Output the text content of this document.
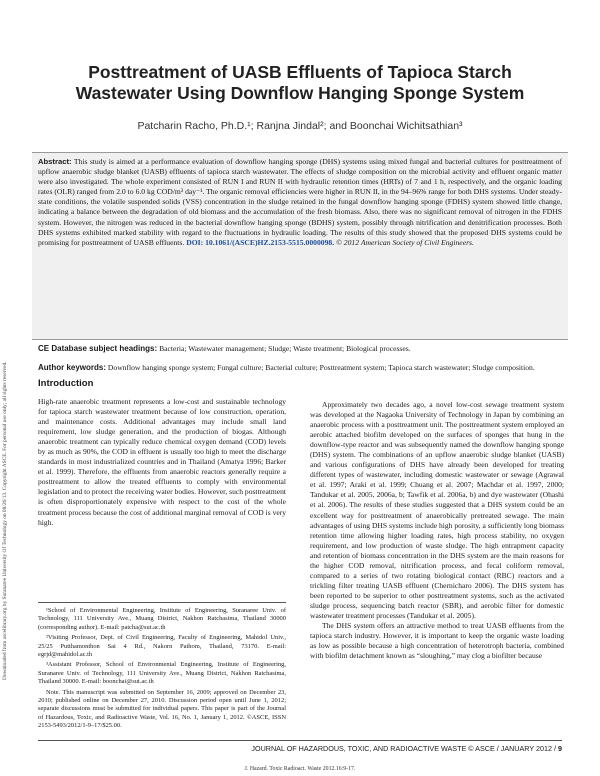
Downloaded from ascelibrary.org by Suranaree University Of Technology on 08/26/13. Copyright ASCE. For personal use only; all rights reserved.
Posttreatment of UASB Effluents of Tapioca Starch Wastewater Using Downflow Hanging Sponge System
Patcharin Racho, Ph.D.¹; Ranjna Jindal²; and Boonchai Wichitsathian³
Abstract: This study is aimed at a performance evaluation of downflow hanging sponge (DHS) systems using mixed fungal and bacterial cultures for posttreatment of upflow anaerobic sludge blanket (UASB) effluents of tapioca starch wastewater. The effects of sludge composition on the microbial activity and effluent organic matter were also investigated. The whole experiment consisted of RUN I and RUN II with hydraulic retention times (HRTs) of 7 and 1 h, respectively, and the organic loading rates (OLR) ranged from 2.0 to 6.0 kg COD/m³ day⁻¹. The organic removal efficiencies were higher in RUN II, in the 94–96% range for both DHS systems. Under steady-state conditions, the volatile suspended solids (VSS) concentration in the sludge retained in the fungal downflow hanging sponge (FDHS) system showed little change, indicating a balance between the degradation of old biomass and the accumulation of the fresh biomass. Also, there was no significant removal of nitrogen in the FDHS system. However, the nitrogen was reduced in the bacterial downflow hanging sponge (BDHS) system, possibly through nitrification and denitrification processes. Both DHS systems exhibited marked stability with regard to the fluctuations in hydraulic loading. The results of this study showed that the proposed DHS systems could be promising for posttreatment of UASB effluents. DOI: 10.1061/(ASCE)HZ.2153-5515.0000098. © 2012 American Society of Civil Engineers.
CE Database subject headings: Bacteria; Wastewater management; Sludge; Waste treatment; Biological processes.
Introduction
High-rate anaerobic treatment represents a low-cost and sustainable technology for tapioca starch wastewater treatment because of low construction, operation, and maintenance costs. Additional advantages may include small land requirement, low sludge generation, and the production of biogas. Although anaerobic treatment can typically reduce chemical oxygen demand (COD) levels by as much as 90%, the COD in effluent is usually too high to meet the discharge standards in most industrialized countries and in Thailand (Amatya 1996; Barker et al. 1999). Therefore, the effluents from anaerobic reactors generally require a posttreatment to allow the treated effluents to comply with environmental legislation and to protect the receiving water bodies. However, such posttreatment is often disproportionately expensive with respect to the cost of the whole treatment process because the cost of additional marginal removal of COD is very high.
Author keywords: Downflow hanging sponge system; Fungal culture; Bacterial culture; Posttreatment system; Tapioca starch wastewater; Sludge composition.
¹School of Environmental Engineering, Institute of Engineering, Suranaree Univ. of Technology, 111 University Ave., Muang District, Nakhon Ratchasima, Thailand 30000 (corresponding author). E-mail: patcha@sut.ac.th
²Visiting Professor, Dept. of Civil Engineering, Faculty of Engineering, Mahidol Univ., 25/25 Putthamonthon Sai 4 Rd., Nakorn Pathom, Thailand, 73170. E-mail: egrjd@mahidol.ac.th
³Assistant Professor, School of Environmental Engineering, Institute of Engineering, Suranaree Univ. of Technology, 111 University Ave., Muang District, Nakhon Ratchasima, Thailand 30000. E-mail: boonchai@sut.ac.th
Note. This manuscript was submitted on September 16, 2009; approved on December 23, 2010; published online on December 27, 2010. Discussion period open until June 1, 2012; separate discussions must be submitted for individual papers. This paper is part of the Journal of Hazardous, Toxic, and Radioactive Waste, Vol. 16, No. 1, January 1, 2012. ©ASCE, ISSN 2153-5493/2012/1-9–17/$25.00.
Approximately two decades ago, a novel low-cost sewage treatment system was developed at the Nagaoka University of Technology in Japan by combining an anaerobic process with a posttreatment unit. The posttreatment system employed an aerobic attached biofilm developed on the surfaces of sponges that hung in the downflow-type reactor and was subsequently named the downflow hanging sponge (DHS) system. The combinations of an upflow anaerobic sludge blanket (UASB) and various configurations of DHS have already been developed for treating different types of wastewater, including domestic wastewater or sewage (Agrawal et al. 1997; Araki et al. 1999; Chuang et al. 2007; Machdar et al. 1997, 2000; Tandukar et al. 2005, 2006a, b; Tawfik et al. 2006a, b) and dye wastewater (Ohashi et al. 2006). The results of these studies suggested that a DHS system could be an excellent way for posttreatment of anaerobically pretreated sewage. The main advantages of using DHS systems include high porosity, a sufficiently long biomass retention time allowing higher loading rates, high process stability, no oxygen requirement, and low production of waste sludge. The high entrapment capacity and retention of biomass concentration in the DHS system are the main reasons for the higher COD removal, nitrification process, and fecal coliform removal, compared to a series of two rotating biological contact (RBC) reactors and a trickling filter treating UASB effluent (Chernicharo 2006). The DHS system has been reported to be superior to other posttreatment systems, such as the activated sludge process, sequencing batch reactor (SBR), and aerobic filter for domestic wastewater treatment processes (Tandukar et al. 2005).
The DHS system offers an attractive method to treat UASB effluents from the tapioca starch industry. However, it is important to keep the organic waste loading as low as possible because a high concentration of heterotroph bacteria, combined with biofilm detachment known as “sloughing,” may clog a biofilter because
JOURNAL OF HAZARDOUS, TOXIC, AND RADIOACTIVE WASTE © ASCE / JANUARY 2012 / 9
J. Hazard. Toxic Radioact. Waste 2012.16:9-17.
